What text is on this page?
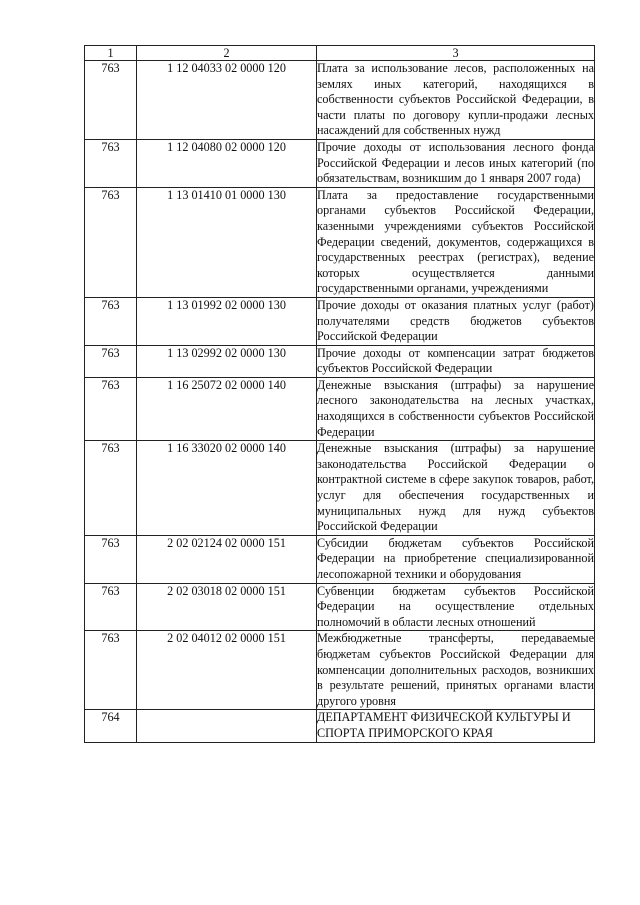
1	2	3
763	1 12 04033 02 0000 120	Плата за использование лесов, расположенных на землях иных категорий, находящихся в собственности субъектов Российской Федерации, в части платы по договору купли-продажи лесных насаждений для собственных нужд
763	1 12 04080 02 0000 120	Прочие доходы от использования лесного фонда Российской Федерации и лесов иных категорий (по обязательствам, возникшим до 1 января 2007 года)
763	1 13 01410 01 0000 130	Плата за предоставление государственными органами субъектов Российской Федерации, казенными учреждениями субъектов Российской Федерации сведений, документов, содержащихся в государственных реестрах (регистрах), ведение которых осуществляется данными государственными органами, учреждениями
763	1 13 01992 02 0000 130	Прочие доходы от оказания платных услуг (работ) получателями средств бюджетов субъектов Российской Федерации
763	1 13 02992 02 0000 130	Прочие доходы от компенсации затрат бюджетов субъектов Российской Федерации
763	1 16 25072 02 0000 140	Денежные взыскания (штрафы) за нарушение лесного законодательства на лесных участках, находящихся в собственности субъектов Российской Федерации
763	1 16 33020 02 0000 140	Денежные взыскания (штрафы) за нарушение законодательства Российской Федерации о контрактной системе в сфере закупок товаров, работ, услуг для обеспечения государственных и муниципальных нужд для нужд субъектов Российской Федерации
763	2 02 02124 02 0000 151	Субсидии бюджетам субъектов Российской Федерации на приобретение специализированной лесопожарной техники и оборудования
763	2 02 03018 02 0000 151	Субвенции бюджетам субъектов Российской Федерации на осуществление отдельных полномочий в области лесных отношений
763	2 02 04012 02 0000 151	Межбюджетные трансферты, передаваемые бюджетам субъектов Российской Федерации для компенсации дополнительных расходов, возникших в результате решений, принятых органами власти другого уровня
764		ДЕПАРТАМЕНТ ФИЗИЧЕСКОЙ КУЛЬТУРЫ И СПОРТА ПРИМОРСКОГО КРАЯ
